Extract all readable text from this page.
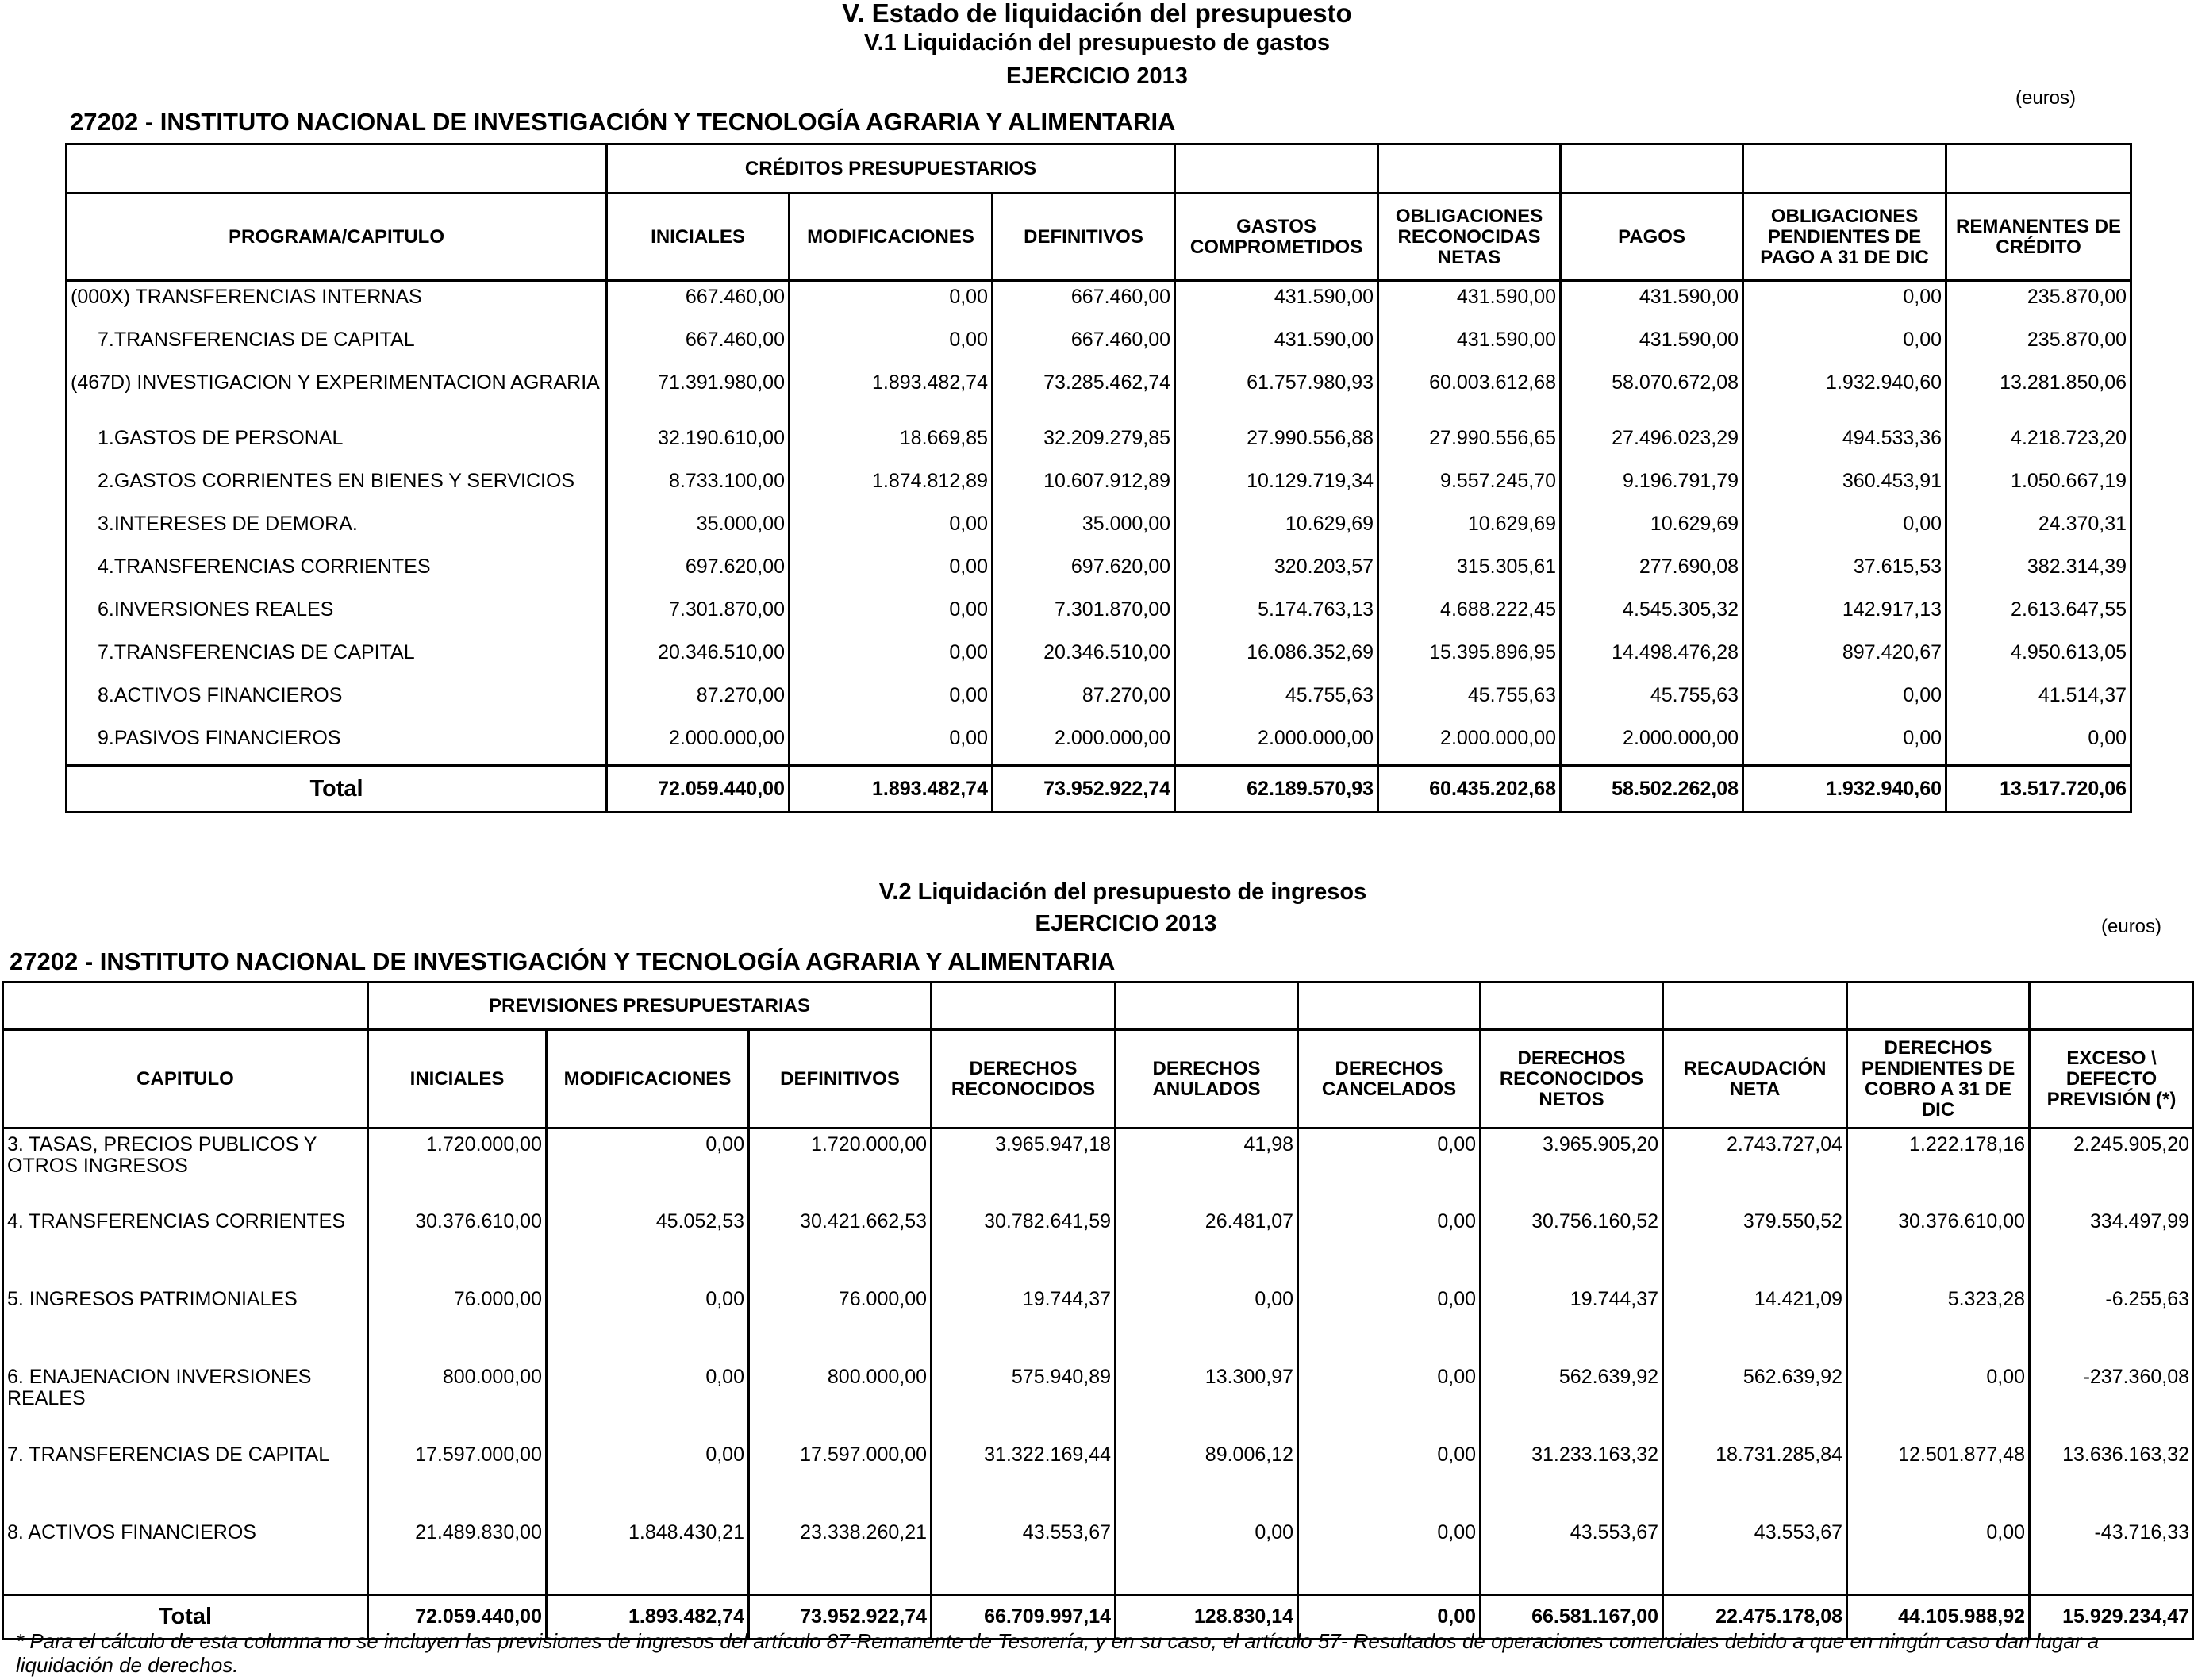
V. Estado de liquidación del presupuesto
V.1 Liquidación del presupuesto de gastos
EJERCICIO 2013
(euros)
27202 - INSTITUTO NACIONAL DE INVESTIGACIÓN Y TECNOLOGÍA AGRARIA Y ALIMENTARIA
	CRÉDITOS PRESUPUESTARIOS							
PROGRAMA/CAPITULO	INICIALES	MODIFICACIONES	DEFINITIVOS	GASTOS COMPROMETIDOS	OBLIGACIONES RECONOCIDAS NETAS	PAGOS	OBLIGACIONES PENDIENTES DE PAGO A 31 DE DIC	REMANENTES DE CRÉDITO
(000X) TRANSFERENCIAS INTERNAS	667.460,00	0,00	667.460,00	431.590,00	431.590,00	431.590,00	0,00	235.870,00
7.TRANSFERENCIAS DE CAPITAL	667.460,00	0,00	667.460,00	431.590,00	431.590,00	431.590,00	0,00	235.870,00
(467D) INVESTIGACION Y EXPERIMENTACION AGRARIA	71.391.980,00	1.893.482,74	73.285.462,74	61.757.980,93	60.003.612,68	58.070.672,08	1.932.940,60	13.281.850,06
1.GASTOS DE PERSONAL	32.190.610,00	18.669,85	32.209.279,85	27.990.556,88	27.990.556,65	27.496.023,29	494.533,36	4.218.723,20
2.GASTOS CORRIENTES EN BIENES Y SERVICIOS	8.733.100,00	1.874.812,89	10.607.912,89	10.129.719,34	9.557.245,70	9.196.791,79	360.453,91	1.050.667,19
3.INTERESES DE DEMORA.	35.000,00	0,00	35.000,00	10.629,69	10.629,69	10.629,69	0,00	24.370,31
4.TRANSFERENCIAS CORRIENTES	697.620,00	0,00	697.620,00	320.203,57	315.305,61	277.690,08	37.615,53	382.314,39
6.INVERSIONES REALES	7.301.870,00	0,00	7.301.870,00	5.174.763,13	4.688.222,45	4.545.305,32	142.917,13	2.613.647,55
7.TRANSFERENCIAS DE CAPITAL	20.346.510,00	0,00	20.346.510,00	16.086.352,69	15.395.896,95	14.498.476,28	897.420,67	4.950.613,05
8.ACTIVOS FINANCIEROS	87.270,00	0,00	87.270,00	45.755,63	45.755,63	45.755,63	0,00	41.514,37
9.PASIVOS FINANCIEROS	2.000.000,00	0,00	2.000.000,00	2.000.000,00	2.000.000,00	2.000.000,00	0,00	0,00
Total	72.059.440,00	1.893.482,74	73.952.922,74	62.189.570,93	60.435.202,68	58.502.262,08	1.932.940,60	13.517.720,06
V.2 Liquidación del presupuesto de ingresos
EJERCICIO 2013	(euros)
27202 - INSTITUTO NACIONAL DE INVESTIGACIÓN Y TECNOLOGÍA AGRARIA Y ALIMENTARIA
	PREVISIONES PRESUPUESTARIAS									
CAPITULO	INICIALES	MODIFICACIONES	DEFINITIVOS	DERECHOS RECONOCIDOS	DERECHOS ANULADOS	DERECHOS CANCELADOS	DERECHOS RECONOCIDOS NETOS	RECAUDACIÓN NETA	DERECHOS PENDIENTES DE COBRO A 31 DE DIC	EXCESO \ DEFECTO PREVISIÓN (*)
3. TASAS, PRECIOS PUBLICOS Y OTROS INGRESOS	1.720.000,00	0,00	1.720.000,00	3.965.947,18	41,98	0,00	3.965.905,20	2.743.727,04	1.222.178,16	2.245.905,20
4. TRANSFERENCIAS CORRIENTES	30.376.610,00	45.052,53	30.421.662,53	30.782.641,59	26.481,07	0,00	30.756.160,52	379.550,52	30.376.610,00	334.497,99
5. INGRESOS PATRIMONIALES	76.000,00	0,00	76.000,00	19.744,37	0,00	0,00	19.744,37	14.421,09	5.323,28	-6.255,63
6. ENAJENACION INVERSIONES REALES	800.000,00	0,00	800.000,00	575.940,89	13.300,97	0,00	562.639,92	562.639,92	0,00	-237.360,08
7. TRANSFERENCIAS DE CAPITAL	17.597.000,00	0,00	17.597.000,00	31.322.169,44	89.006,12	0,00	31.233.163,32	18.731.285,84	12.501.877,48	13.636.163,32
8. ACTIVOS FINANCIEROS	21.489.830,00	1.848.430,21	23.338.260,21	43.553,67	0,00	0,00	43.553,67	43.553,67	0,00	-43.716,33
Total	72.059.440,00	1.893.482,74	73.952.922,74	66.709.997,14	128.830,14	0,00	66.581.167,00	22.475.178,08	44.105.988,92	15.929.234,47
* Para el cálculo de esta columna no se incluyen las previsiones de ingresos del artículo 87-Remanente de Tesorería, y en su caso, el artículo 57- Resultados de operaciones comerciales debido a que en ningún caso dan lugar a liquidación de derechos.
